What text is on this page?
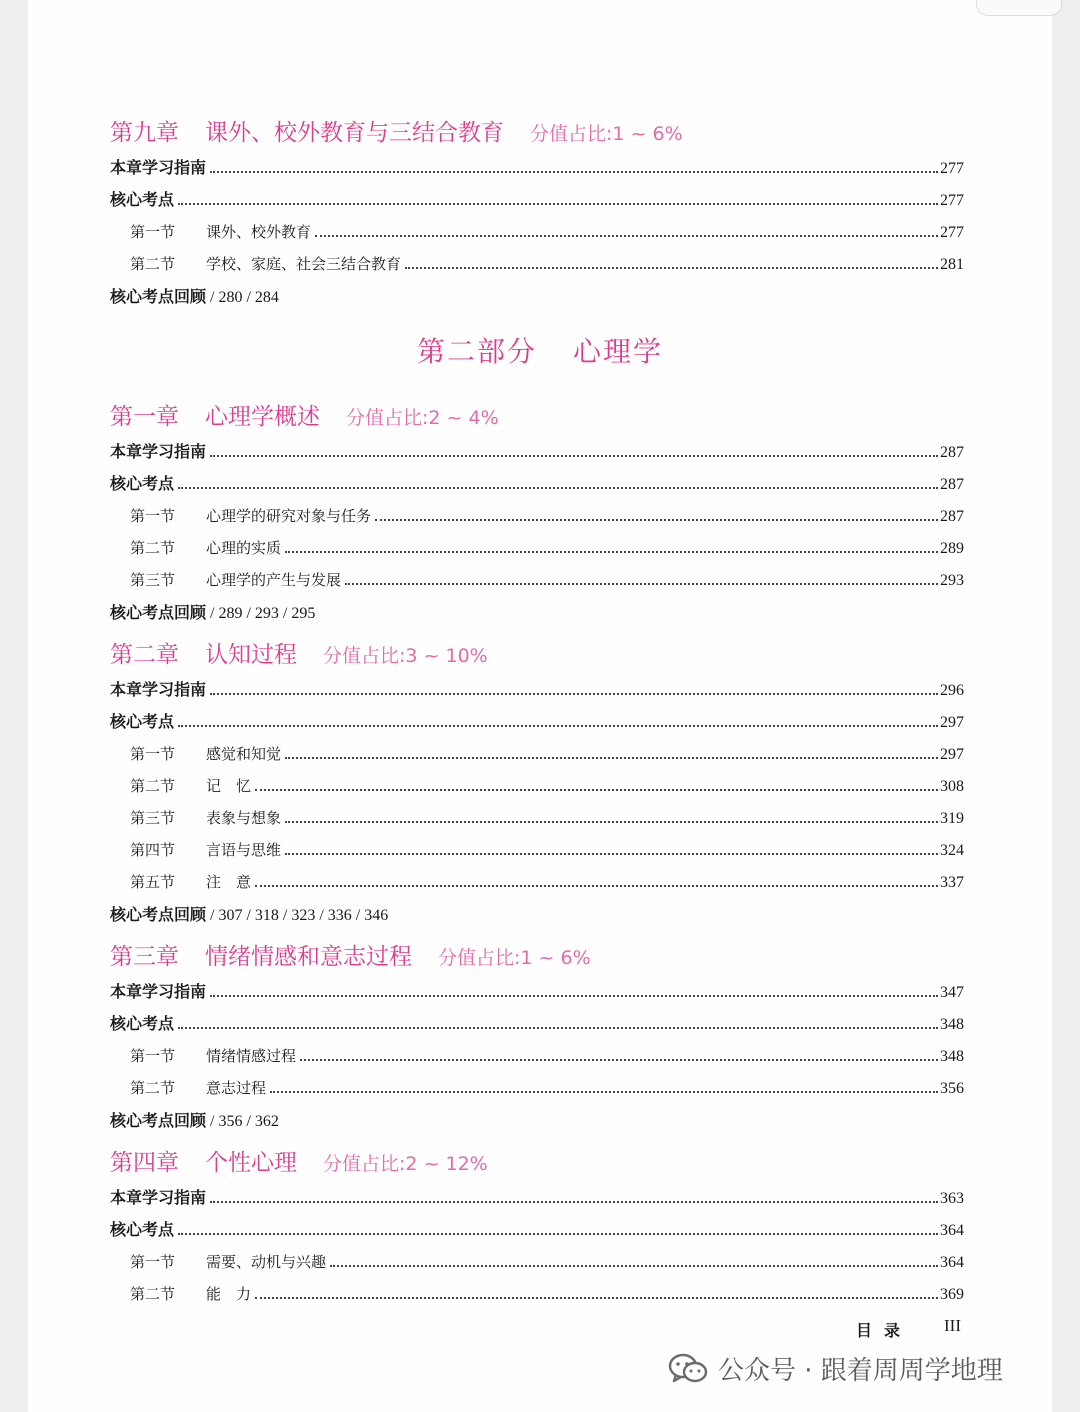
第九章 课外、校外教育与三结合教育 分值占比:1 ~ 6%
本章学习指南	277
核心考点	277
第一节 课外、校外教育	277
第二节 学校、家庭、社会三结合教育	281
核心考点回顾 / 280 / 284
第二部分 心理学
第一章 心理学概述 分值占比:2 ~ 4%
本章学习指南	287
核心考点	287
第一节 心理学的研究对象与任务	287
第二节 心理的实质	289
第三节 心理学的产生与发展	293
核心考点回顾 / 289 / 293 / 295
第二章 认知过程 分值占比:3 ~ 10%
本章学习指南	296
核心考点	297
第一节 感觉和知觉	297
第二节 记　忆	308
第三节 表象与想象	319
第四节 言语与思维	324
第五节 注　意	337
核心考点回顾 / 307 / 318 / 323 / 336 / 346
第三章 情绪情感和意志过程 分值占比:1 ~ 6%
本章学习指南	347
核心考点	348
第一节 情绪情感过程	348
第二节 意志过程	356
核心考点回顾 / 356 / 362
第四章 个性心理 分值占比:2 ~ 12%
本章学习指南	363
核心考点	364
第一节 需要、动机与兴趣	364
第二节 能　力	369
目录 III
公众号 · 跟着周周学地理
